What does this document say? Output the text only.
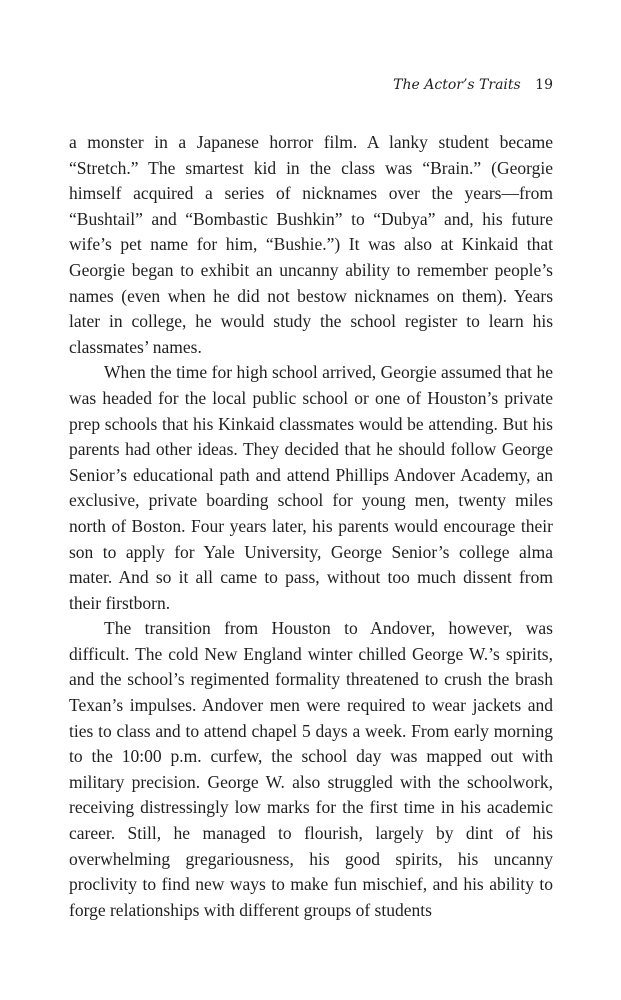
The Actor’s Traits 19

a monster in a Japanese horror film. A lanky student became “Stretch.” The smartest kid in the class was “Brain.” (Georgie himself acquired a series of nicknames over the years—from “Bushtail” and “Bombastic Bushkin” to “Dubya” and, his future wife’s pet name for him, “Bushie.”) It was also at Kinkaid that Georgie began to exhibit an uncanny ability to remember people’s names (even when he did not bestow nicknames on them). Years later in college, he would study the school register to learn his classmates’ names.

When the time for high school arrived, Georgie assumed that he was headed for the local public school or one of Houston’s private prep schools that his Kinkaid classmates would be attending. But his parents had other ideas. They decided that he should follow George Senior’s educational path and attend Phillips Andover Academy, an exclusive, private boarding school for young men, twenty miles north of Boston. Four years later, his parents would encourage their son to apply for Yale University, George Senior’s college alma mater. And so it all came to pass, without too much dissent from their firstborn.

The transition from Houston to Andover, however, was difficult. The cold New England winter chilled George W.’s spirits, and the school’s regimented formality threatened to crush the brash Texan’s impulses. Andover men were required to wear jackets and ties to class and to attend chapel 5 days a week. From early morning to the 10:00 p.m. curfew, the school day was mapped out with military precision. George W. also struggled with the schoolwork, receiving distressingly low marks for the first time in his academic career. Still, he managed to flourish, largely by dint of his overwhelming gregariousness, his good spirits, his uncanny proclivity to find new ways to make fun mischief, and his ability to forge relationships with different groups of students
